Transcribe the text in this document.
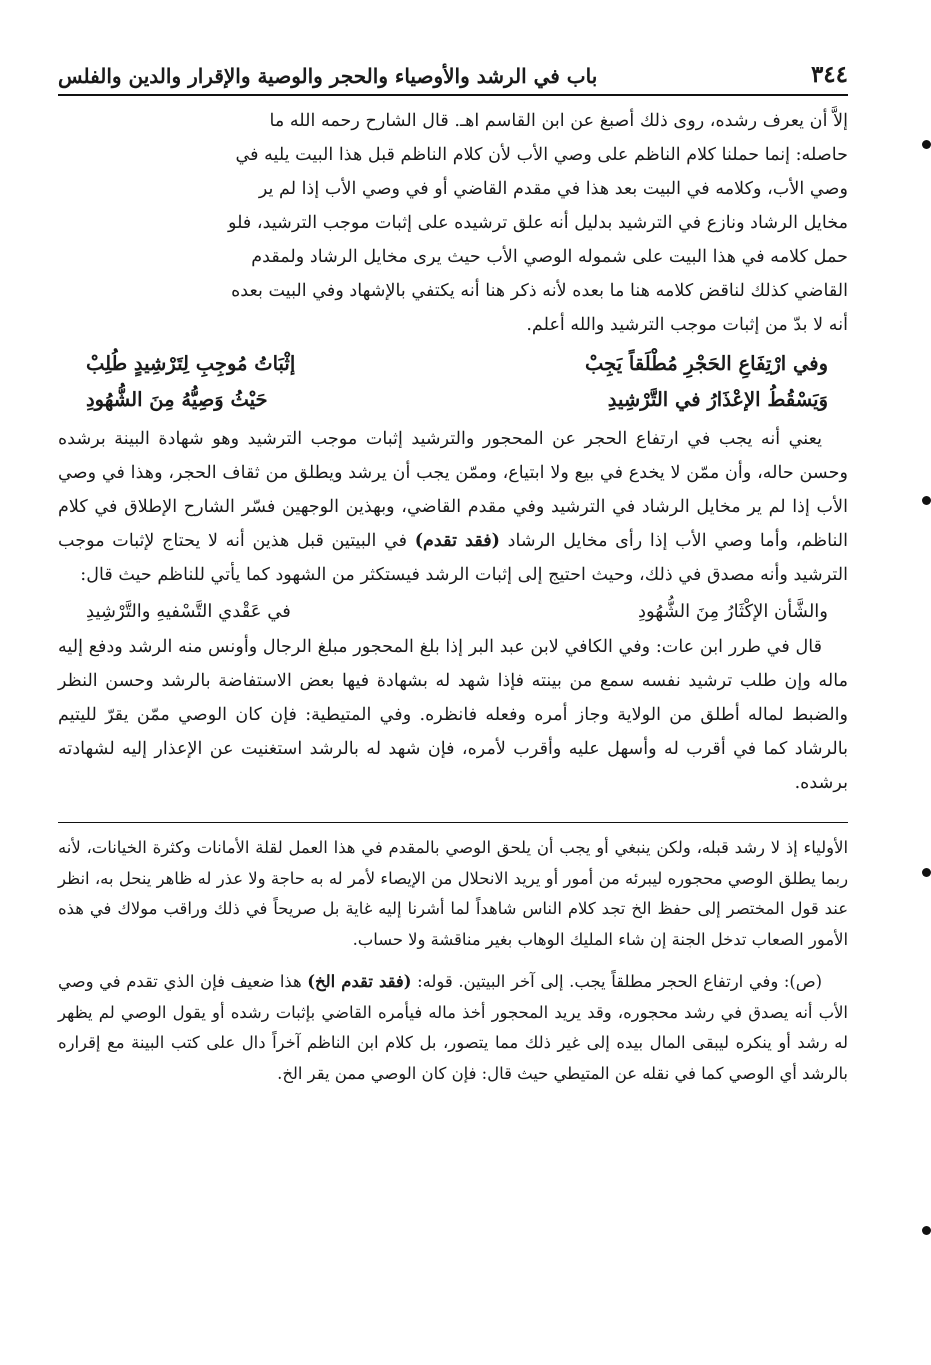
٣٤٤
باب في الرشد والأوصياء والحجر والوصية والإقرار والدين والفلس

إلاَّ أن يعرف رشده، روى ذلك أصبغ عن ابن القاسم اهـ. قال الشارح رحمه الله ما

حاصله: إنما حملنا كلام الناظم على وصي الأب لأن كلام الناظم قبل هذا البيت يليه في

وصي الأب، وكلامه في البيت بعد هذا في مقدم القاضي أو في وصي الأب إذا لم ير

مخايل الرشاد ونازع في الترشيد بدليل أنه علق ترشيده على إثبات موجب الترشيد، فلو

حمل كلامه في هذا البيت على شموله الوصي الأب حيث يرى مخايل الرشاد ولمقدم

القاضي كذلك لناقض كلامه هنا ما بعده لأنه ذكر هنا أنه يكتفي بالإشهاد وفي البيت بعده

أنه لا بدّ من إثبات موجب الترشيد والله أعلم.

وفي ارْتِفَاعِ الحَجْرِ مُطْلَقاً يَجِبْ
إثْبَاتُ مُوجِبِ لِتَرْشِيدٍ طُلِبْ
وَيَسْقُطُ الإعْذَارُ في التَّرْشِيدِ
حَيْثُ وَصِيُّهُ مِنَ الشُّهُودِ

يعني أنه يجب في ارتفاع الحجر عن المحجور والترشيد إثبات موجب الترشيد وهو شهادة البينة برشده وحسن حاله، وأن ممّن لا يخدع في بيع ولا ابتياع، وممّن يجب أن يرشد ويطلق من ثقاف الحجر، وهذا في وصي الأب إذا لم ير مخايل الرشاد في الترشيد وفي مقدم القاضي، وبهذين الوجهين فسّر الشارح الإطلاق في كلام الناظم، وأما وصي الأب إذا رأى مخايل الرشاد (فقد تقدم) في البيتين قبل هذين أنه لا يحتاج لإثبات موجب الترشيد وأنه مصدق في ذلك، وحيث احتيج إلى إثبات الرشد فيستكثر من الشهود كما يأتي للناظم حيث قال:

والشَّأن الإكْثَارُ مِنَ الشُّهُودِ
في عَقْدي التَّسْفيهِ والتَّرْشِيدِ

قال في طرر ابن عات: وفي الكافي لابن عبد البر إذا بلغ المحجور مبلغ الرجال وأونس منه الرشد ودفع إليه ماله وإن طلب ترشيد نفسه سمع من بينته فإذا شهد له بشهادة فيها بعض الاستفاضة بالرشد وحسن النظر والضبط لماله أطلق من الولاية وجاز أمره وفعله فانظره. وفي المتيطية: فإن كان الوصي ممّن يقرّ لليتيم بالرشاد كما في أقرب له وأسهل عليه وأقرب لأمره، فإن شهد له بالرشد استغنيت عن الإعذار إليه لشهادته برشده.

الأولياء إذ لا رشد قبله، ولكن ينبغي أو يجب أن يلحق الوصي بالمقدم في هذا العمل لقلة الأمانات وكثرة الخيانات، لأنه ربما يطلق الوصي محجوره ليبرئه من أمور أو يريد الانحلال من الإيصاء لأمر له به حاجة ولا عذر له ظاهر ينحل به، انظر عند قول المختصر إلى حفظ الخ تجد كلام الناس شاهداً لما أشرنا إليه غاية بل صريحاً في ذلك وراقب مولاك في هذه الأمور الصعاب تدخل الجنة إن شاء المليك الوهاب بغير مناقشة ولا حساب.

(ص): وفي ارتفاع الحجر مطلقاً يجب. إلى آخر البيتين. قوله: (فقد تقدم الخ) هذا ضعيف فإن الذي تقدم في وصي الأب أنه يصدق في رشد محجوره، وقد يريد المحجور أخذ ماله فيأمره القاضي بإثبات رشده أو يقول الوصي لم يظهر له رشد أو ينكره ليبقى المال بيده إلى غير ذلك مما يتصور، بل كلام ابن الناظم آخراً دال على كتب البينة مع إقراره بالرشد أي الوصي كما في نقله عن المتيطي حيث قال: فإن كان الوصي ممن يقر الخ.
